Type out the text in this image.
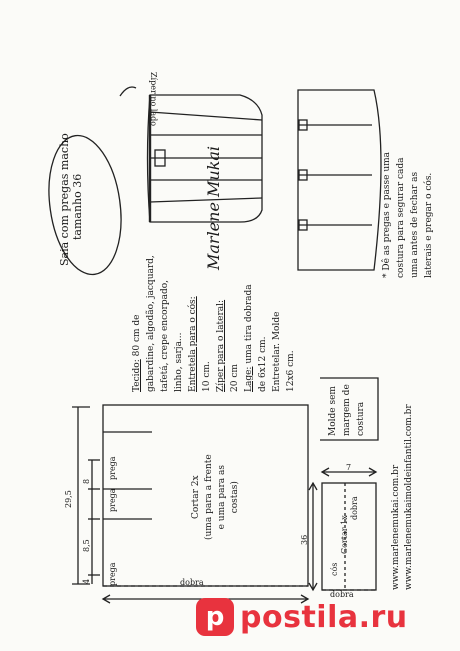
Saia com pregas macho tamanho 36
Zíper no lado
Marlene Mukai
Tecido: 80 cm de gabardine, algodão, jacquard, tafetá, crepe encorpado, linho, sarja... Entretela para o cós: 10 cm. Zíper para o lateral: 20 cm Lage: uma tira dobrada
de 6x12 cm. Entretelar. Molde 12x6 cm.
Molde sem margem de costura
* Dê as pregas e passe uma costura para segurar cada uma antes de fechar as laterais e pregar o cós.
29,5
4
8,5
8
prega
prega
prega
Cortar 2x (uma para a frente e uma para as costas)
dobra
36
7
cós
Cortar 1x
dobra
dobra
www.marlenemukai.com.br www.marlenemukaimoldeinfantil.com.br
p postila.ru
